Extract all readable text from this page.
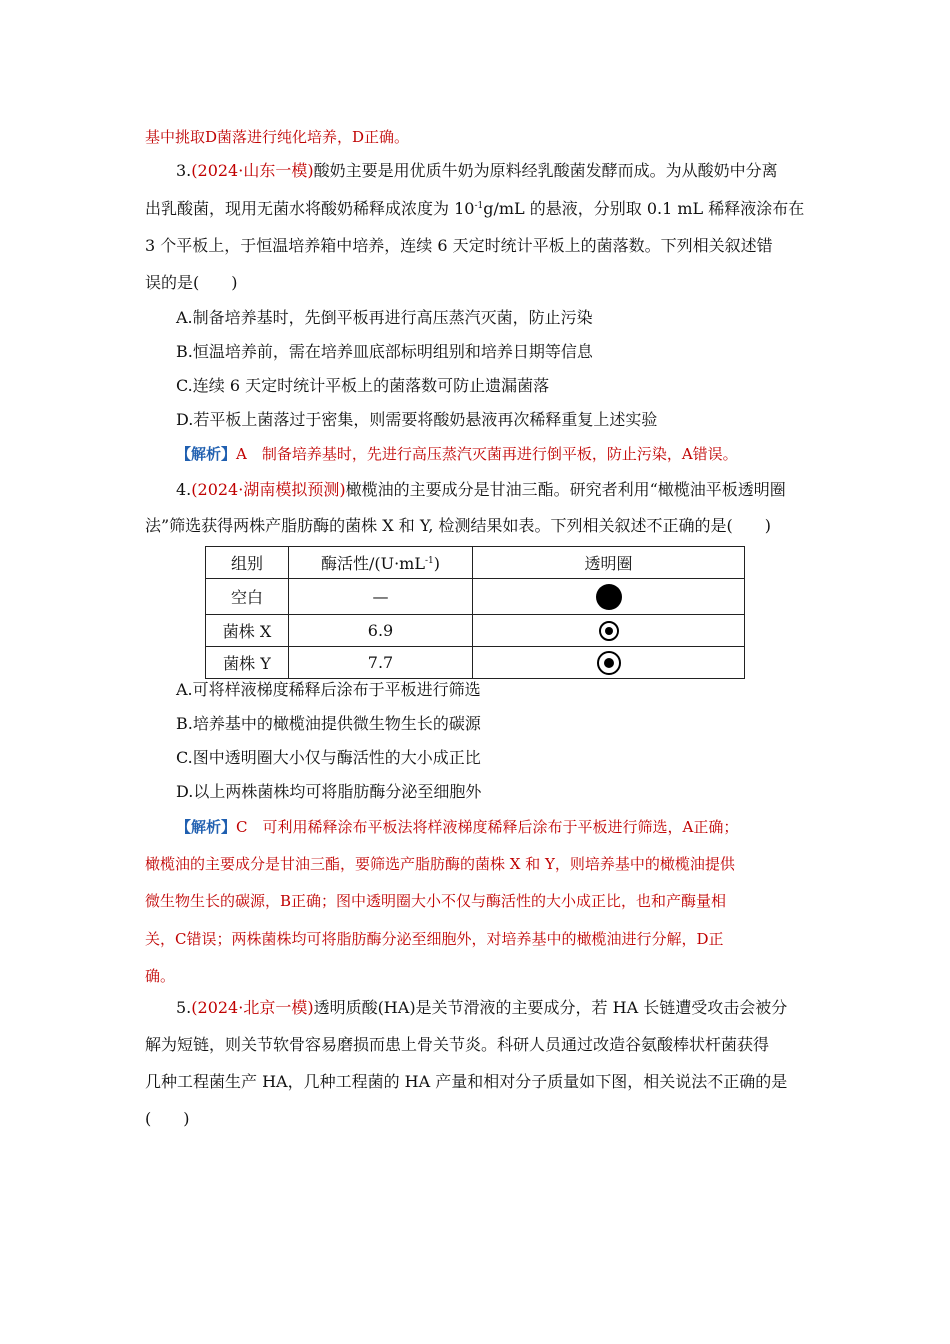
基中挑取D菌落进行纯化培养，D正确。
3.(2024·山东一模)酸奶主要是用优质牛奶为原料经乳酸菌发酵而成。为从酸奶中分离
出乳酸菌，现用无菌水将酸奶稀释成浓度为 $10^{-1}g/mL$ 的悬液，分别取 0.1 mL 稀释液涂布在
3 个平板上，于恒温培养箱中培养，连续 6 天定时统计平板上的菌落数。下列相关叙述错
误的是(　　)
A.制备培养基时，先倒平板再进行高压蒸汽灭菌，防止污染
B.恒温培养前，需在培养皿底部标明组别和培养日期等信息
C.连续 6 天定时统计平板上的菌落数可防止遗漏菌落
D.若平板上菌落过于密集，则需要将酸奶悬液再次稀释重复上述实验
【解析】A　制备培养基时，先进行高压蒸汽灭菌再进行倒平板，防止污染，A错误。
4.(2024·湖南模拟预测)橄榄油的主要成分是甘油三酯。研究者利用“橄榄油平板透明圈
法”筛选获得两株产脂肪酶的菌株 X 和 Y, 检测结果如表。下列相关叙述不正确的是(　　)
组别	酶活性$/(U\cdot mL^{-1})$	透明圈
空白	—	
菌株 X	6.9	

菌株 Y	7.7	
A.可将样液梯度稀释后涂布于平板进行筛选
B.培养基中的橄榄油提供微生物生长的碳源
C.图中透明圈大小仅与酶活性的大小成正比
D.以上两株菌株均可将脂肪酶分泌至细胞外
【解析】C　可利用稀释涂布平板法将样液梯度稀释后涂布于平板进行筛选，A正确；
橄榄油的主要成分是甘油三酯，要筛选产脂肪酶的菌株 X 和 Y，则培养基中的橄榄油提供
微生物生长的碳源，B正确；图中透明圈大小不仅与酶活性的大小成正比，也和产酶量相
关，C错误；两株菌株均可将脂肪酶分泌至细胞外，对培养基中的橄榄油进行分解，D正
确。
5.(2024·北京一模)透明质酸(HA)是关节滑液的主要成分，若 HA 长链遭受攻击会被分
解为短链，则关节软骨容易磨损而患上骨关节炎。科研人员通过改造谷氨酸棒状杆菌获得
几种工程菌生产 HA，几种工程菌的 HA 产量和相对分子质量如下图，相关说法不正确的是
(　　)
